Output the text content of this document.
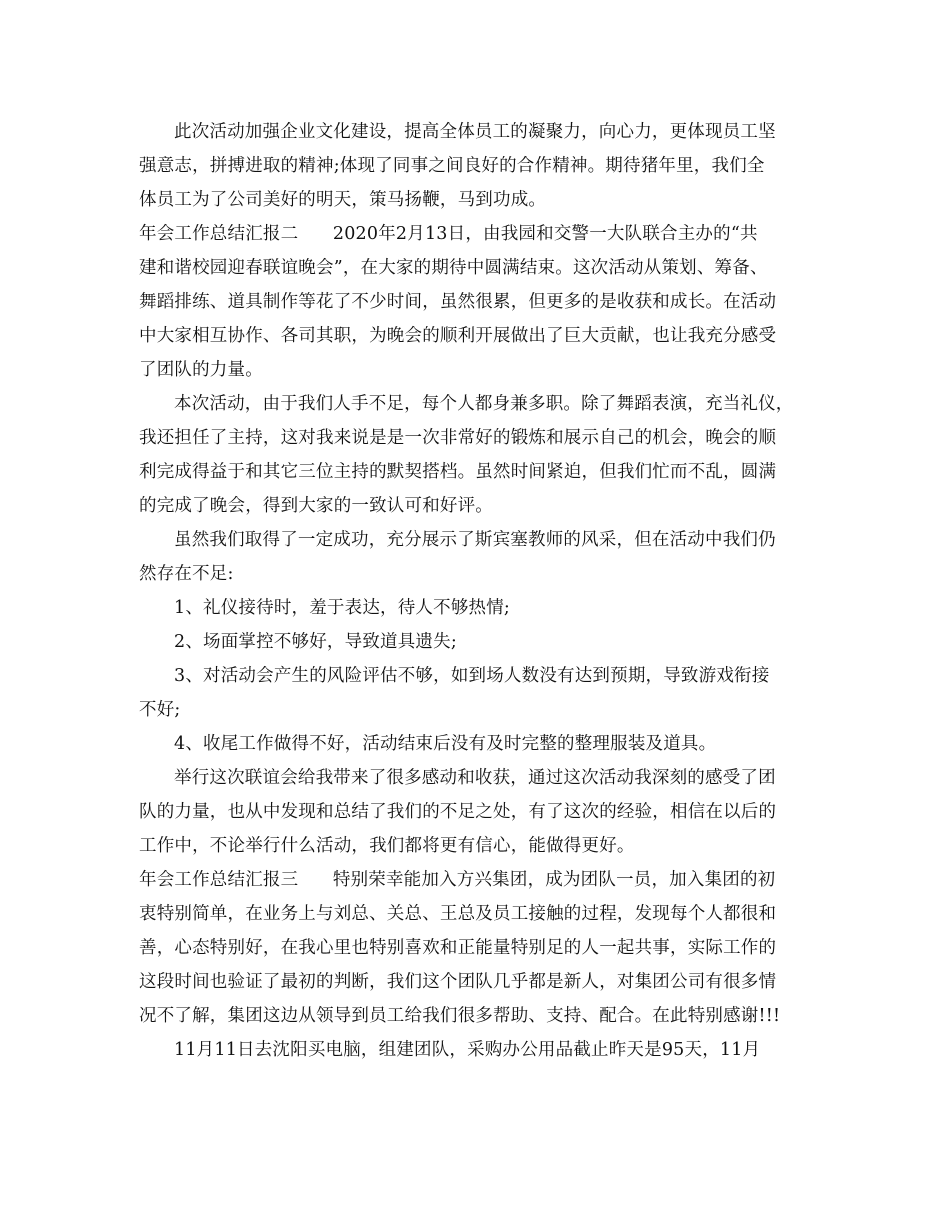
此次活动加强企业文化建设，提高全体员工的凝聚力，向心力，更体现员工坚

强意志，拼搏进取的精神;体现了同事之间良好的合作精神。期待猪年里，我们全

体员工为了公司美好的明天，策马扬鞭，马到功成。

年会工作总结汇报二      2020年2月13日，由我园和交警一大队联合主办的“共

建和谐校园迎春联谊晚会”，在大家的期待中圆满结束。这次活动从策划、筹备、

舞蹈排练、道具制作等花了不少时间，虽然很累，但更多的是收获和成长。在活动

中大家相互协作、各司其职，为晚会的顺利开展做出了巨大贡献，也让我充分感受

了团队的力量。

本次活动，由于我们人手不足，每个人都身兼多职。除了舞蹈表演，充当礼仪，

我还担任了主持，这对我来说是是一次非常好的锻炼和展示自己的机会，晚会的顺

利完成得益于和其它三位主持的默契搭档。虽然时间紧迫，但我们忙而不乱，圆满

的完成了晚会，得到大家的一致认可和好评。

虽然我们取得了一定成功，充分展示了斯宾塞教师的风采，但在活动中我们仍

然存在不足:

1、礼仪接待时，羞于表达，待人不够热情;

2、场面掌控不够好，导致道具遗失;

3、对活动会产生的风险评估不够，如到场人数没有达到预期，导致游戏衔接

不好;

4、收尾工作做得不好，活动结束后没有及时完整的整理服装及道具。

举行这次联谊会给我带来了很多感动和收获，通过这次活动我深刻的感受了团

队的力量，也从中发现和总结了我们的不足之处，有了这次的经验，相信在以后的

工作中，不论举行什么活动，我们都将更有信心，能做得更好。

年会工作总结汇报三      特别荣幸能加入方兴集团，成为团队一员，加入集团的初

衷特别简单，在业务上与刘总、关总、王总及员工接触的过程，发现每个人都很和

善，心态特别好，在我心里也特别喜欢和正能量特别足的人一起共事，实际工作的

这段时间也验证了最初的判断，我们这个团队几乎都是新人，对集团公司有很多情

况不了解，集团这边从领导到员工给我们很多帮助、支持、配合。在此特别感谢!!!

11月11日去沈阳买电脑，组建团队，采购办公用品截止昨天是95天，11月
